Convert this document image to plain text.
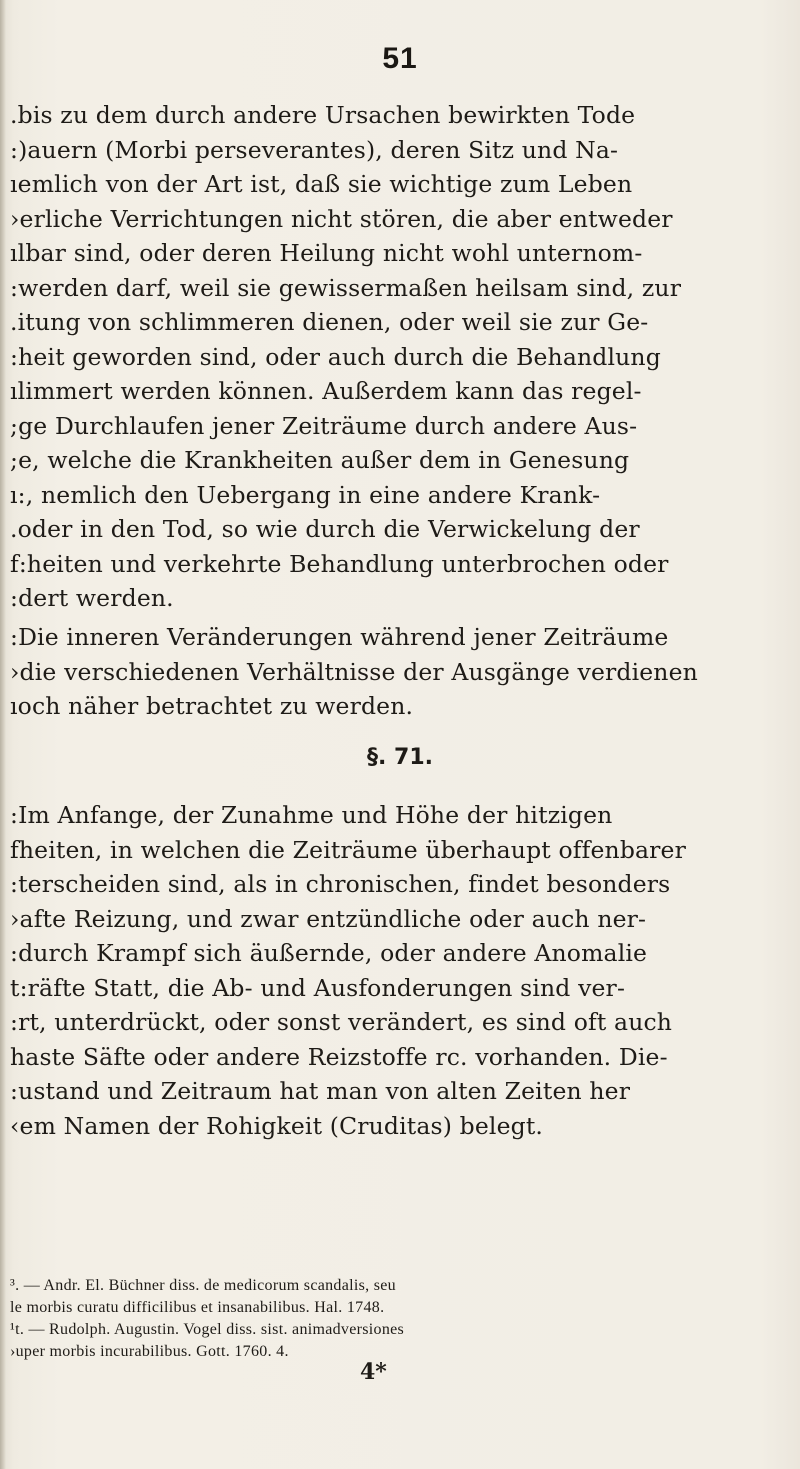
51
.bis zu dem durch andere Ursachen bewirkten Tode
:)auern (Morbi perseverantes), deren Sitz und Na-
ıemlich von der Art ist, daß sie wichtige zum Leben
›erliche Verrichtungen nicht stören, die aber entweder
ılbar sind, oder deren Heilung nicht wohl unternom-
:werden darf, weil sie gewissermaßen heilsam sind, zur
.itung von schlimmeren dienen, oder weil sie zur Ge-
:heit geworden sind, oder auch durch die Behandlung
ılimmert werden können. Außerdem kann das regel-
;ge Durchlaufen jener Zeiträume durch andere Aus-
;e, welche die Krankheiten außer dem in Genesung
ı:, nemlich den Uebergang in eine andere Krank-
.oder in den Tod, so wie durch die Verwickelung der
f:heiten und verkehrte Behandlung unterbrochen oder
:dert werden.
:Die inneren Veränderungen während jener Zeiträume
›die verschiedenen Verhältnisse der Ausgänge verdienen
ıoch näher betrachtet zu werden.
§. 71.
:Im Anfange, der Zunahme und Höhe der hitzigen
fheiten, in welchen die Zeiträume überhaupt offenbarer
:terscheiden sind, als in chronischen, findet besonders
›afte Reizung, und zwar entzündliche oder auch ner-
:durch Krampf sich äußernde, oder andere Anomalie
t:räfte Statt, die Ab- und Ausfonderungen sind ver-
:rt, unterdrückt, oder sonst verändert, es sind oft auch
haste Säfte oder andere Reizstoffe rc. vorhanden. Die-
:ustand und Zeitraum hat man von alten Zeiten her
‹em Namen der Rohigkeit (Cruditas) belegt.
³. — Andr. El. Büchner diss. de medicorum scandalis, seu
le morbis curatu difficilibus et insanabilibus. Hal. 1748.
¹t. — Rudolph. Augustin. Vogel diss. sist. animadversiones
›uper morbis incurabilibus. Gott. 1760. 4.
4*
